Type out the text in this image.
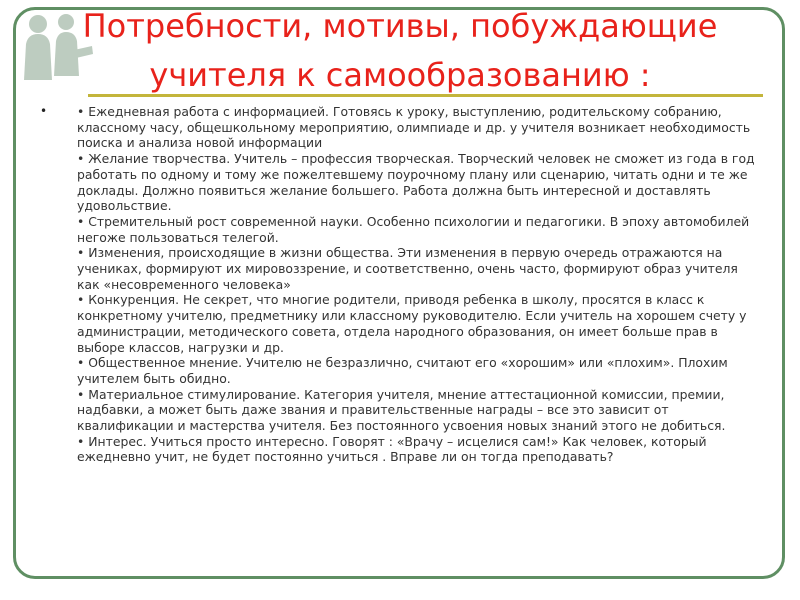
Потребности, мотивы, побуждающие учителя к самообразованию :
• • Ежедневная работа с информацией. Готовясь к уроку, выступлению, родительскому собранию, классному часу, общешкольному мероприятию, олимпиаде и др. у учителя возникает необходимость поиска и анализа новой информации

• Желание творчества. Учитель – профессия творческая. Творческий человек не сможет из года в год работать по одному и тому же пожелтевшему поурочному плану или сценарию, читать одни и те же доклады. Должно появиться желание большего. Работа должна быть интересной и доставлять удовольствие.

• Стремительный рост современной науки. Особенно психологии и педагогики. В эпоху автомобилей негоже пользоваться телегой.

• Изменения, происходящие в жизни общества. Эти изменения в первую очередь отражаются на учениках, формируют их мировоззрение, и соответственно, очень часто, формируют образ учителя как «несовременного человека»

• Конкуренция. Не секрет, что многие родители, приводя ребенка в школу, просятся в класс к конкретному учителю, предметнику или классному руководителю. Если учитель на хорошем счету у администрации, методического совета, отдела народного образования, он имеет больше прав в выборе классов, нагрузки и др.

• Общественное мнение. Учителю не безразлично, считают его «хорошим» или «плохим». Плохим учителем быть обидно.

• Материальное стимулирование. Категория учителя, мнение аттестационной комиссии, премии, надбавки, а может быть даже звания и правительственные награды – все это зависит от квалификации и мастерства учителя. Без постоянного усвоения новых знаний этого не добиться.

• Интерес. Учиться просто интересно. Говорят : «Врачу – исцелися сам!» Как человек, который ежедневно учит, не будет постоянно учиться . Вправе ли он тогда преподавать?
